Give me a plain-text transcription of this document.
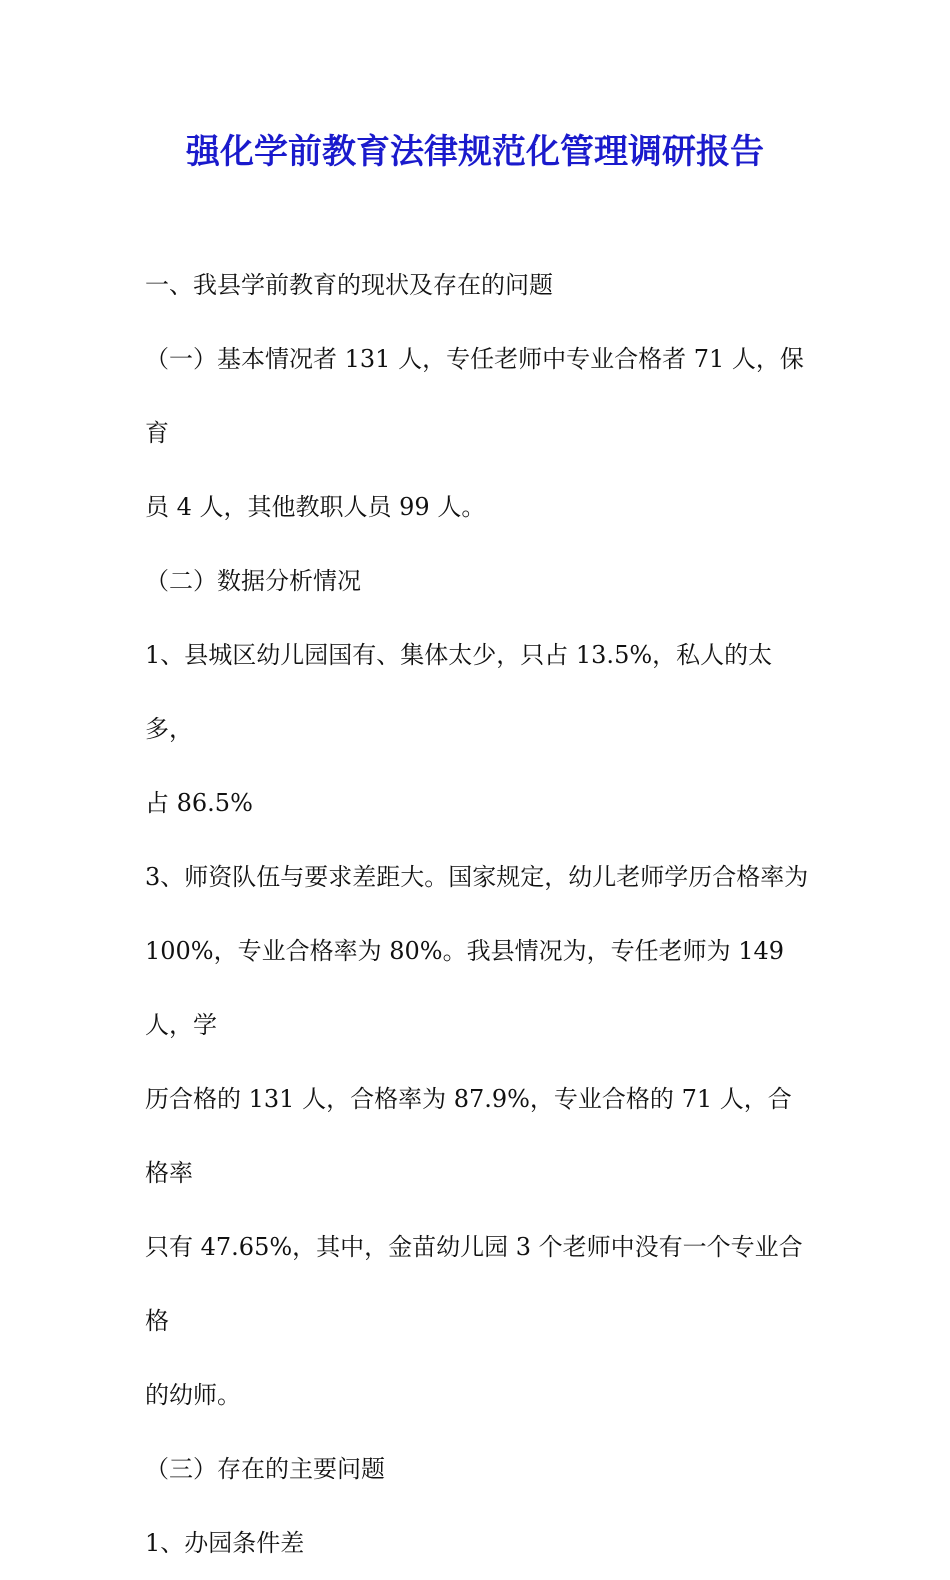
强化学前教育法律规范化管理调研报告
一、我县学前教育的现状及存在的问题
（一）基本情况者 131 人，专任老师中专业合格者 71 人，保育
员 4 人，其他教职人员 99 人。
（二）数据分析情况
1、县城区幼儿园国有、集体太少，只占 13.5%，私人的太多，
占 86.5%
3、师资队伍与要求差距大。国家规定，幼儿老师学历合格率为
100%，专业合格率为 80%。我县情况为，专任老师为 149 人，学
历合格的 131 人，合格率为 87.9%，专业合格的 71 人，合格率
只有 47.65%，其中，金苗幼儿园 3 个老师中没有一个专业合格
的幼师。
（三）存在的主要问题
1、办园条件差
